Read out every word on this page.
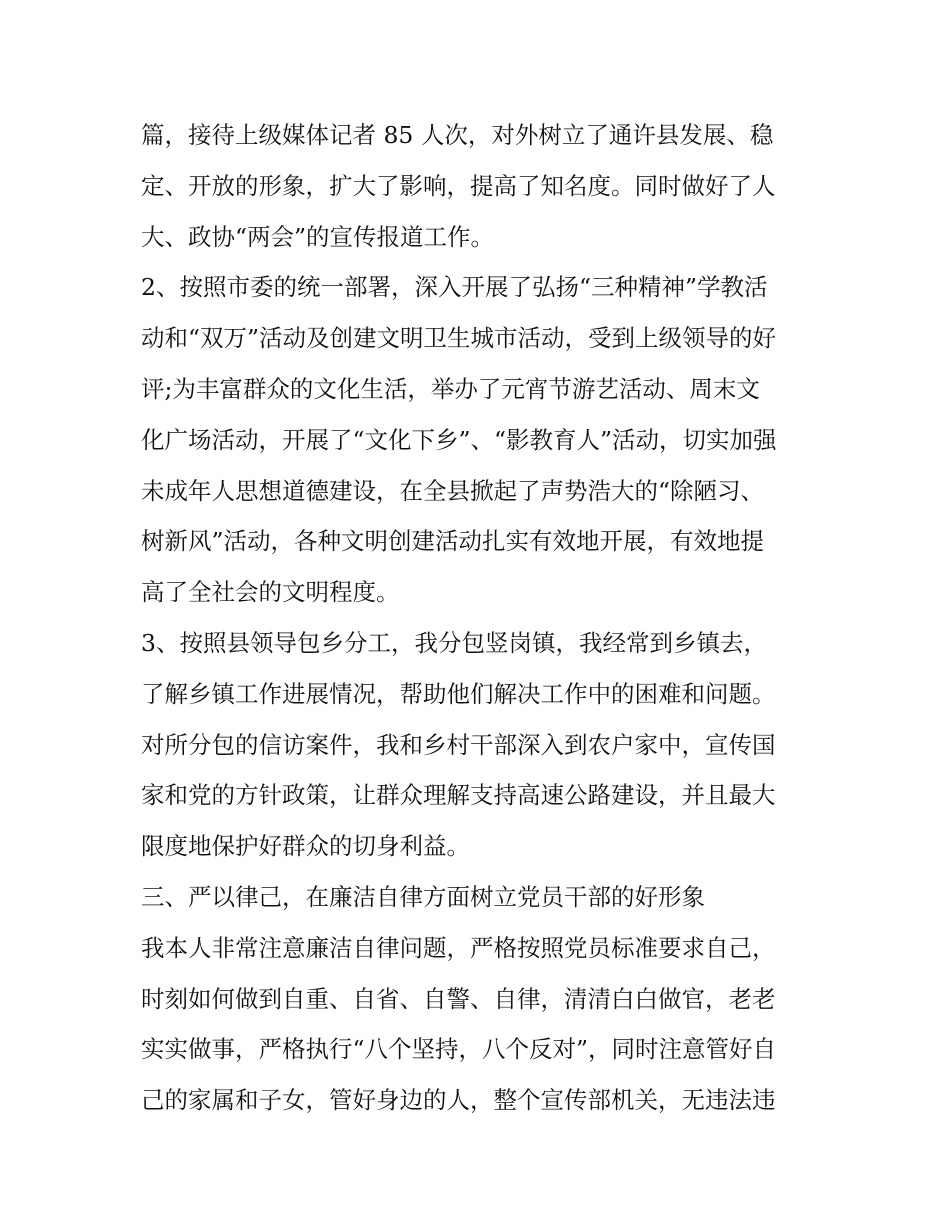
篇，接待上级媒体记者 85 人次，对外树立了通许县发展、稳
定、开放的形象，扩大了影响，提高了知名度。同时做好了人
大、政协“两会”的宣传报道工作。
2、按照市委的统一部署，深入开展了弘扬“三种精神”学教活
动和“双万”活动及创建文明卫生城市活动，受到上级领导的好
评;为丰富群众的文化生活，举办了元宵节游艺活动、周末文
化广场活动，开展了“文化下乡”、“影教育人”活动，切实加强
未成年人思想道德建设，在全县掀起了声势浩大的“除陋习、
树新风”活动，各种文明创建活动扎实有效地开展，有效地提
高了全社会的文明程度。
3、按照县领导包乡分工，我分包竖岗镇，我经常到乡镇去，
了解乡镇工作进展情况，帮助他们解决工作中的困难和问题。
对所分包的信访案件，我和乡村干部深入到农户家中，宣传国
家和党的方针政策，让群众理解支持高速公路建设，并且最大
限度地保护好群众的切身利益。
三、严以律己，在廉洁自律方面树立党员干部的好形象
我本人非常注意廉洁自律问题，严格按照党员标准要求自己，
时刻如何做到自重、自省、自警、自律，清清白白做官，老老
实实做事，严格执行“八个坚持，八个反对”，同时注意管好自
己的家属和子女，管好身边的人，整个宣传部机关，无违法违
